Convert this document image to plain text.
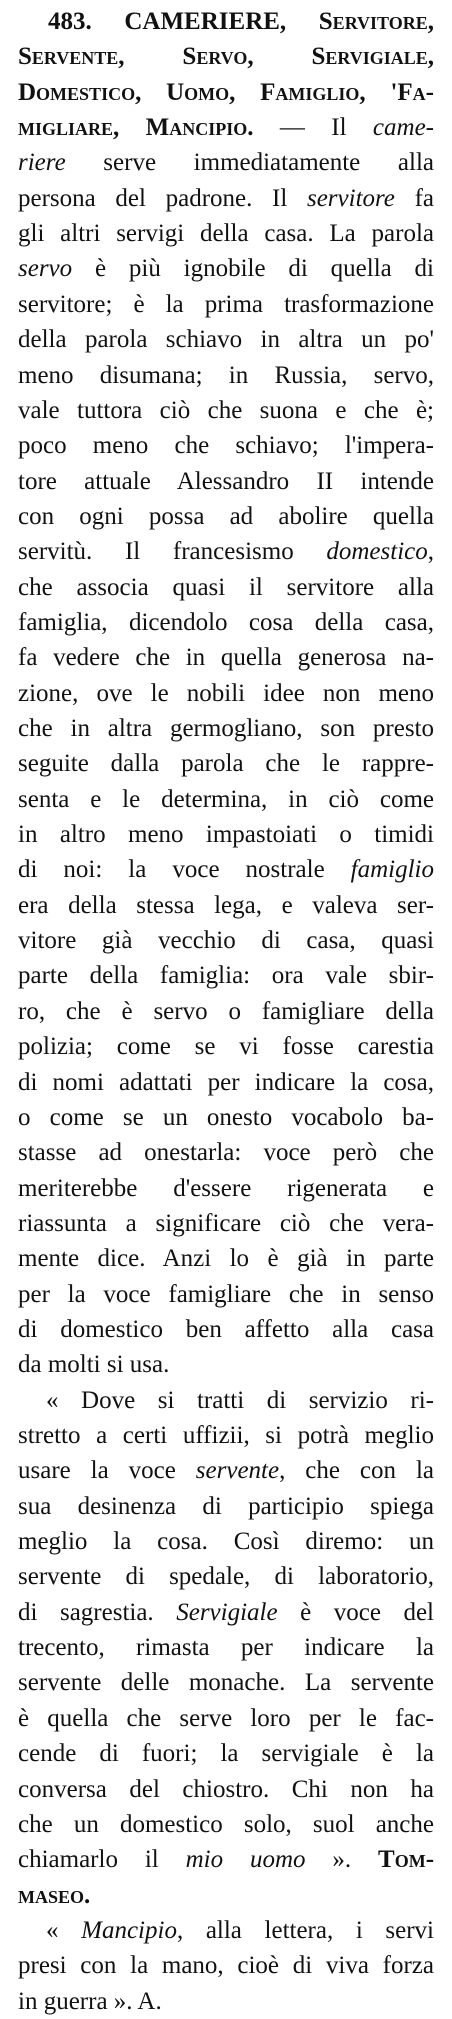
483. CAMERIERE, Servitore,
Servente, Servo, Servigiale,
Domestico, Uomo, Famiglio, 'Fa-
migliare, Mancipio. — Il came-
riere serve immediatamente alla
persona del padrone. Il servitore fa
gli altri servigi della casa. La parola
servo è più ignobile di quella di
servitore; è la prima trasformazione
della parola schiavo in altra un po'
meno disumana; in Russia, servo,
vale tuttora ciò che suona e che è;
poco meno che schiavo; l'impera-
tore attuale Alessandro II intende
con ogni possa ad abolire quella
servitù. Il francesismo domestico,
che associa quasi il servitore alla
famiglia, dicendolo cosa della casa,
fa vedere che in quella generosa na-
zione, ove le nobili idee non meno
che in altra germogliano, son presto
seguite dalla parola che le rappre-
senta e le determina, in ciò come
in altro meno impastoiati o timidi
di noi: la voce nostrale famiglio
era della stessa lega, e valeva ser-
vitore già vecchio di casa, quasi
parte della famiglia: ora vale sbir-
ro, che è servo o famigliare della
polizia; come se vi fosse carestia
di nomi adattati per indicare la cosa,
o come se un onesto vocabolo ba-
stasse ad onestarla: voce però che
meriterebbe d'essere rigenerata e
riassunta a significare ciò che vera-
mente dice. Anzi lo è già in parte
per la voce famigliare che in senso
di domestico ben affetto alla casa
da molti si usa.
« Dove si tratti di servizio ri-
stretto a certi uffizii, si potrà meglio
usare la voce servente, che con la
sua desinenza di participio spiega
meglio la cosa. Così diremo: un
servente di spedale, di laboratorio,
di sagrestia. Servigiale è voce del
trecento, rimasta per indicare la
servente delle monache. La servente
è quella che serve loro per le fac-
cende di fuori; la servigiale è la
conversa del chiostro. Chi non ha
che un domestico solo, suol anche
chiamarlo il mio uomo ». Tom-
maseo.
« Mancipio, alla lettera, i servi
presi con la mano, cioè di viva forza
in guerra ». A.
